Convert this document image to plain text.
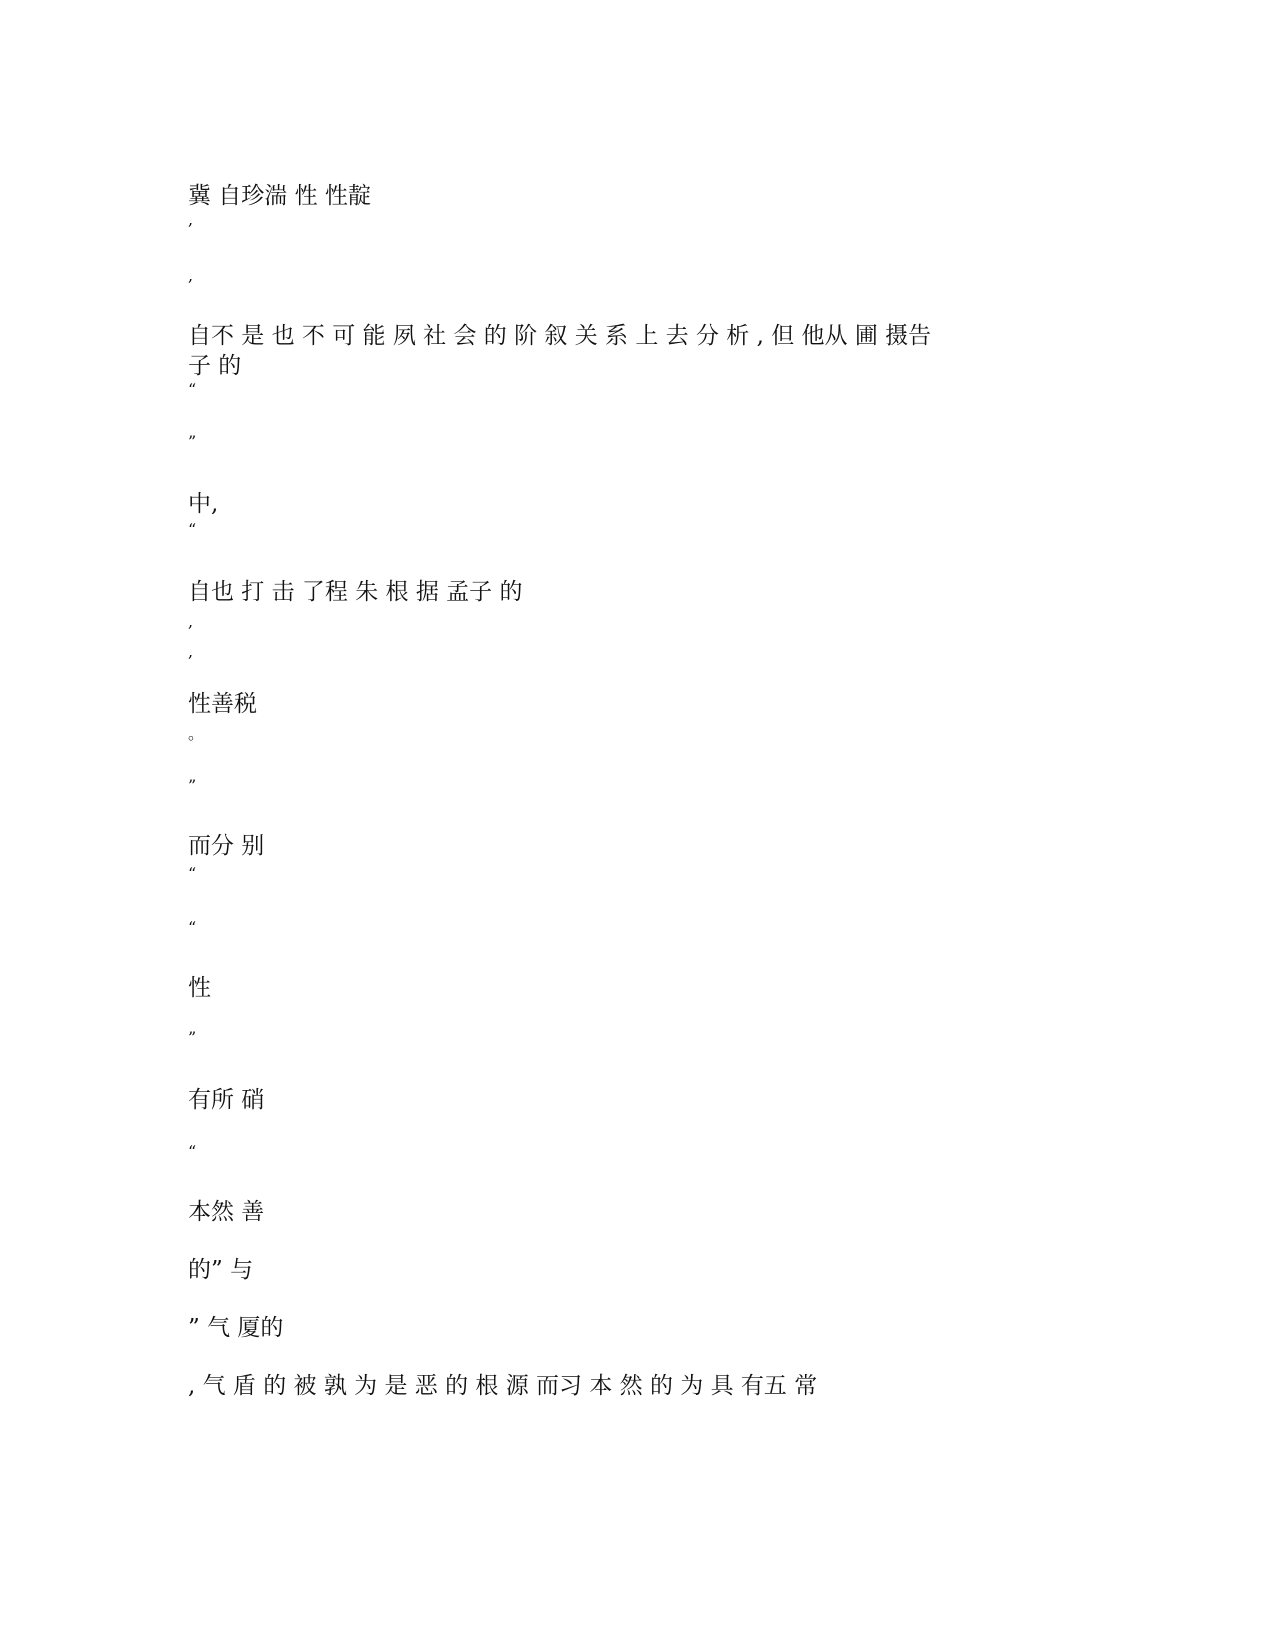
冀 自珍湍 性 性靛

,

,

自不 是 也 不 可 能 夙 社 会 的 阶 叙 关 系 上 去 分 析 , 但 他从 圃 摄告

子 的

“

”

中,

“

自也 打 击 了程 朱 根 据 孟子 的

,

,

性善税

。

”

而分 别

“

“

性

”

有所 硝

“

本然 善

的” 与

” 气 厦的

, 气 盾 的 被 孰 为 是 恶 的 根 源 而习 本 然 的 为 具 有五 常
